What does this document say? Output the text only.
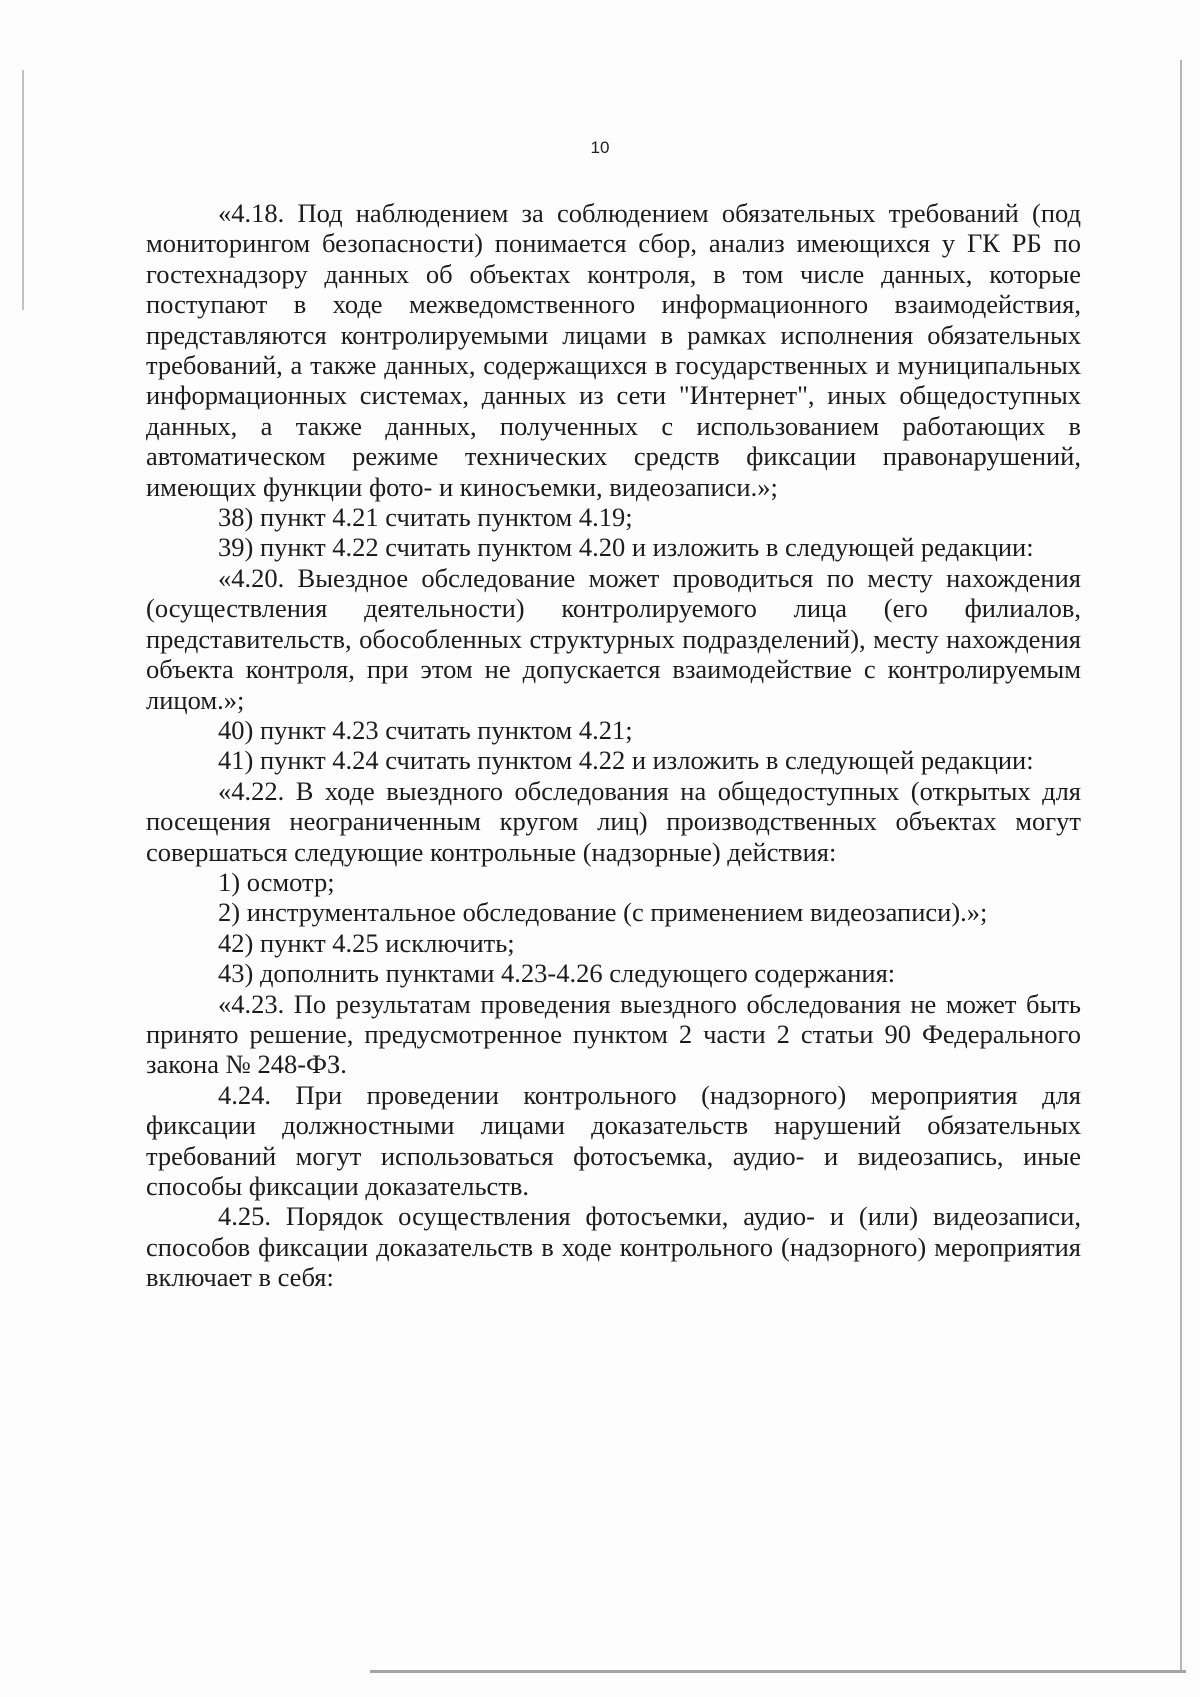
10

«4.18. Под наблюдением за соблюдением обязательных требований (под мониторингом безопасности) понимается сбор, анализ имеющихся у ГК РБ по гостехнадзору данных об объектах контроля, в том числе данных, которые поступают в ходе межведомственного информационного взаимодействия, представляются контролируемыми лицами в рамках исполнения обязательных требований, а также данных, содержащихся в государственных и муниципальных информационных системах, данных из сети "Интернет", иных общедоступных данных, а также данных, полученных с использованием работающих в автоматическом режиме технических средств фиксации правонарушений, имеющих функции фото- и киносъемки, видеозаписи.»;

38) пункт 4.21 считать пунктом 4.19;

39) пункт 4.22 считать пунктом 4.20 и изложить в следующей редакции:

«4.20. Выездное обследование может проводиться по месту нахождения (осуществления деятельности) контролируемого лица (его филиалов, представительств, обособленных структурных подразделений), месту нахождения объекта контроля, при этом не допускается взаимодействие с контролируемым лицом.»;

40) пункт 4.23 считать пунктом 4.21;

41) пункт 4.24 считать пунктом 4.22 и изложить в следующей редакции:

«4.22. В ходе выездного обследования на общедоступных (открытых для посещения неограниченным кругом лиц) производственных объектах могут совершаться следующие контрольные (надзорные) действия:

1) осмотр;

2) инструментальное обследование (с применением видеозаписи).»;

42) пункт 4.25 исключить;

43) дополнить пунктами 4.23-4.26 следующего содержания:

«4.23. По результатам проведения выездного обследования не может быть принято решение, предусмотренное пунктом 2 части 2 статьи 90 Федерального закона № 248-ФЗ.

4.24. При проведении контрольного (надзорного) мероприятия для фиксации должностными лицами доказательств нарушений обязательных требований могут использоваться фотосъемка, аудио- и видеозапись, иные способы фиксации доказательств.

4.25. Порядок осуществления фотосъемки, аудио- и (или) видеозаписи, способов фиксации доказательств в ходе контрольного (надзорного) мероприятия включает в себя:
